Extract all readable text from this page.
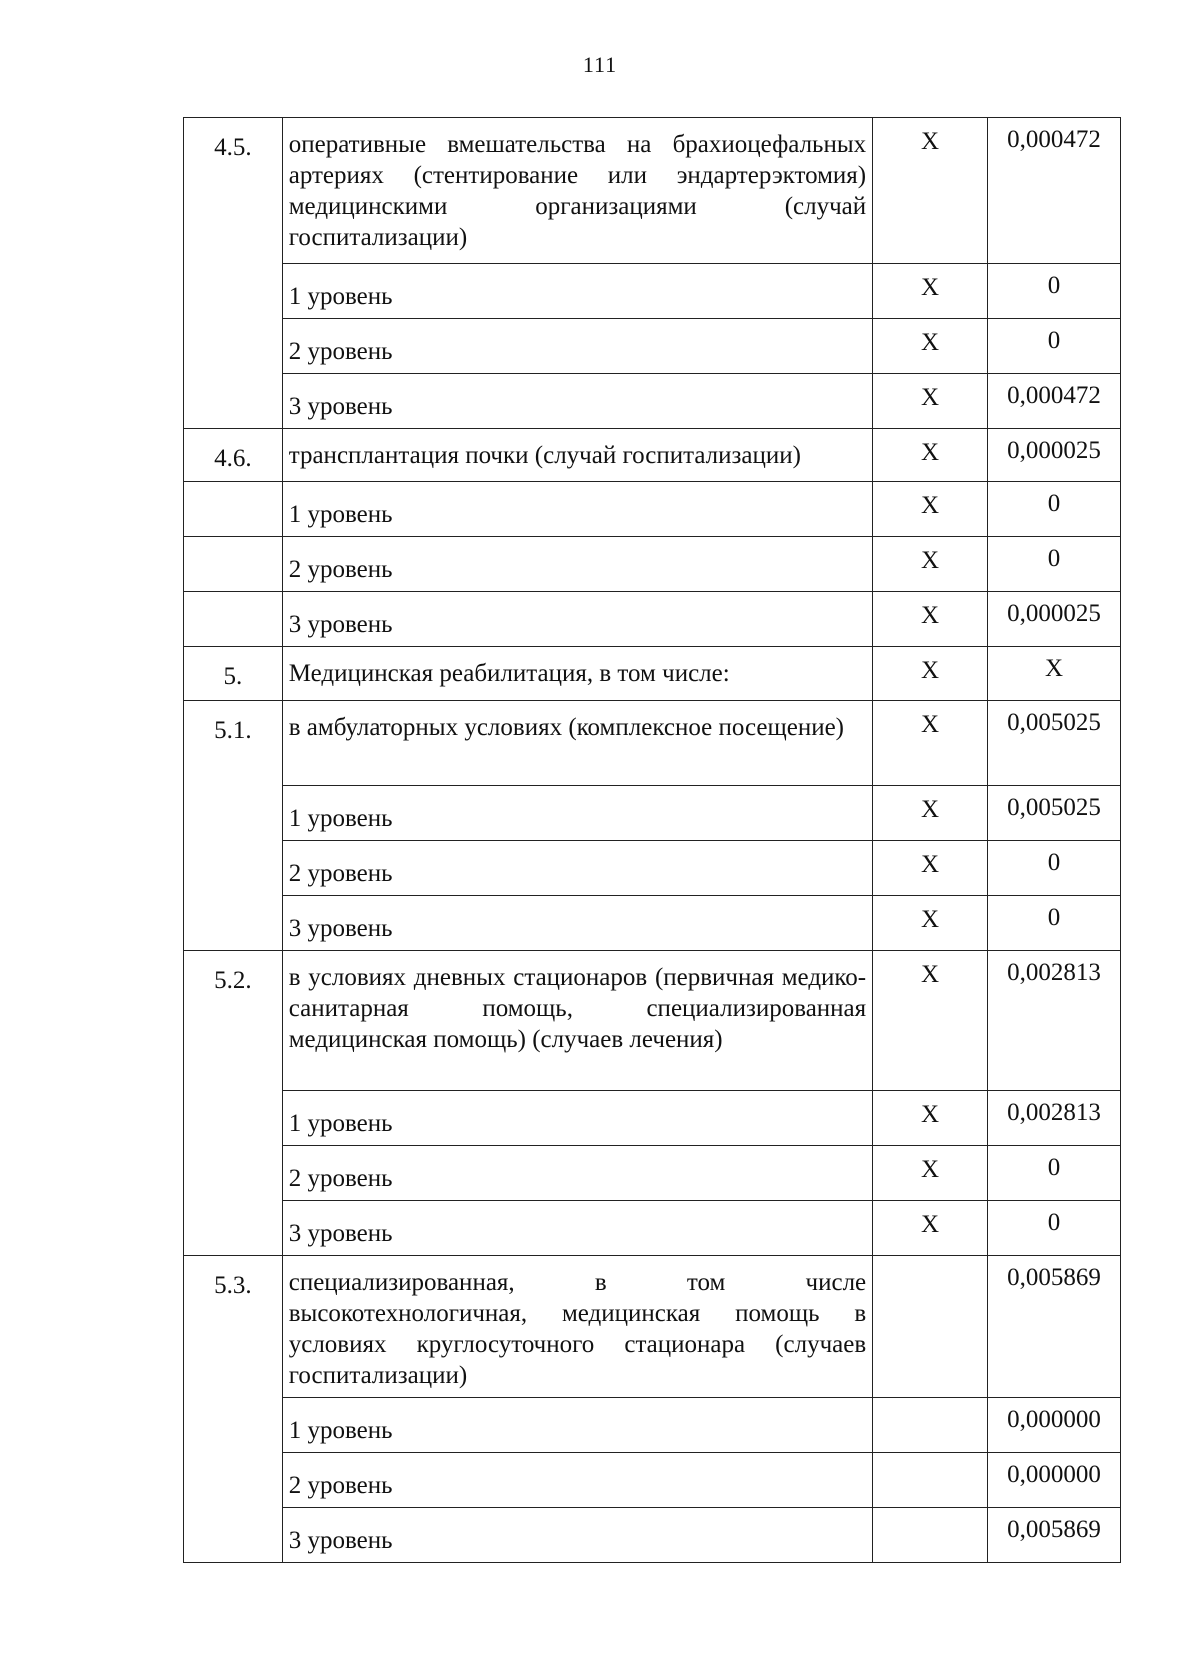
111
4.5.	оперативные вмешательства на брахиоцефальных артериях (стентирование или эндартерэктомия) медицинскими организациями (случай госпитализации)	X	0,000472

	1 уровень	X	0

	2 уровень	X	0

	3 уровень	X	0,000472
4.6.	трансплантация почки (случай госпитализации)	X	0,000025

	1 уровень	X	0

	2 уровень	X	0

	3 уровень	X	0,000025
5.	Медицинская реабилитация, в том числе:	X	X
5.1.	в амбулаторных условиях (комплексное посещение)	X	0,005025

	1 уровень	X	0,005025

	2 уровень	X	0

	3 уровень	X	0
5.2.	в условиях дневных стационаров (первичная медико-санитарная помощь, специализированная медицинская помощь) (случаев лечения)	X	0,002813

	1 уровень	X	0,002813

	2 уровень	X	0

	3 уровень	X	0
5.3.	специализированная, в том числе высокотехнологичная, медицинская помощь в условиях круглосуточного стационара (случаев госпитализации)		0,005869

	1 уровень		0,000000

	2 уровень		0,000000

	3 уровень		0,005869
